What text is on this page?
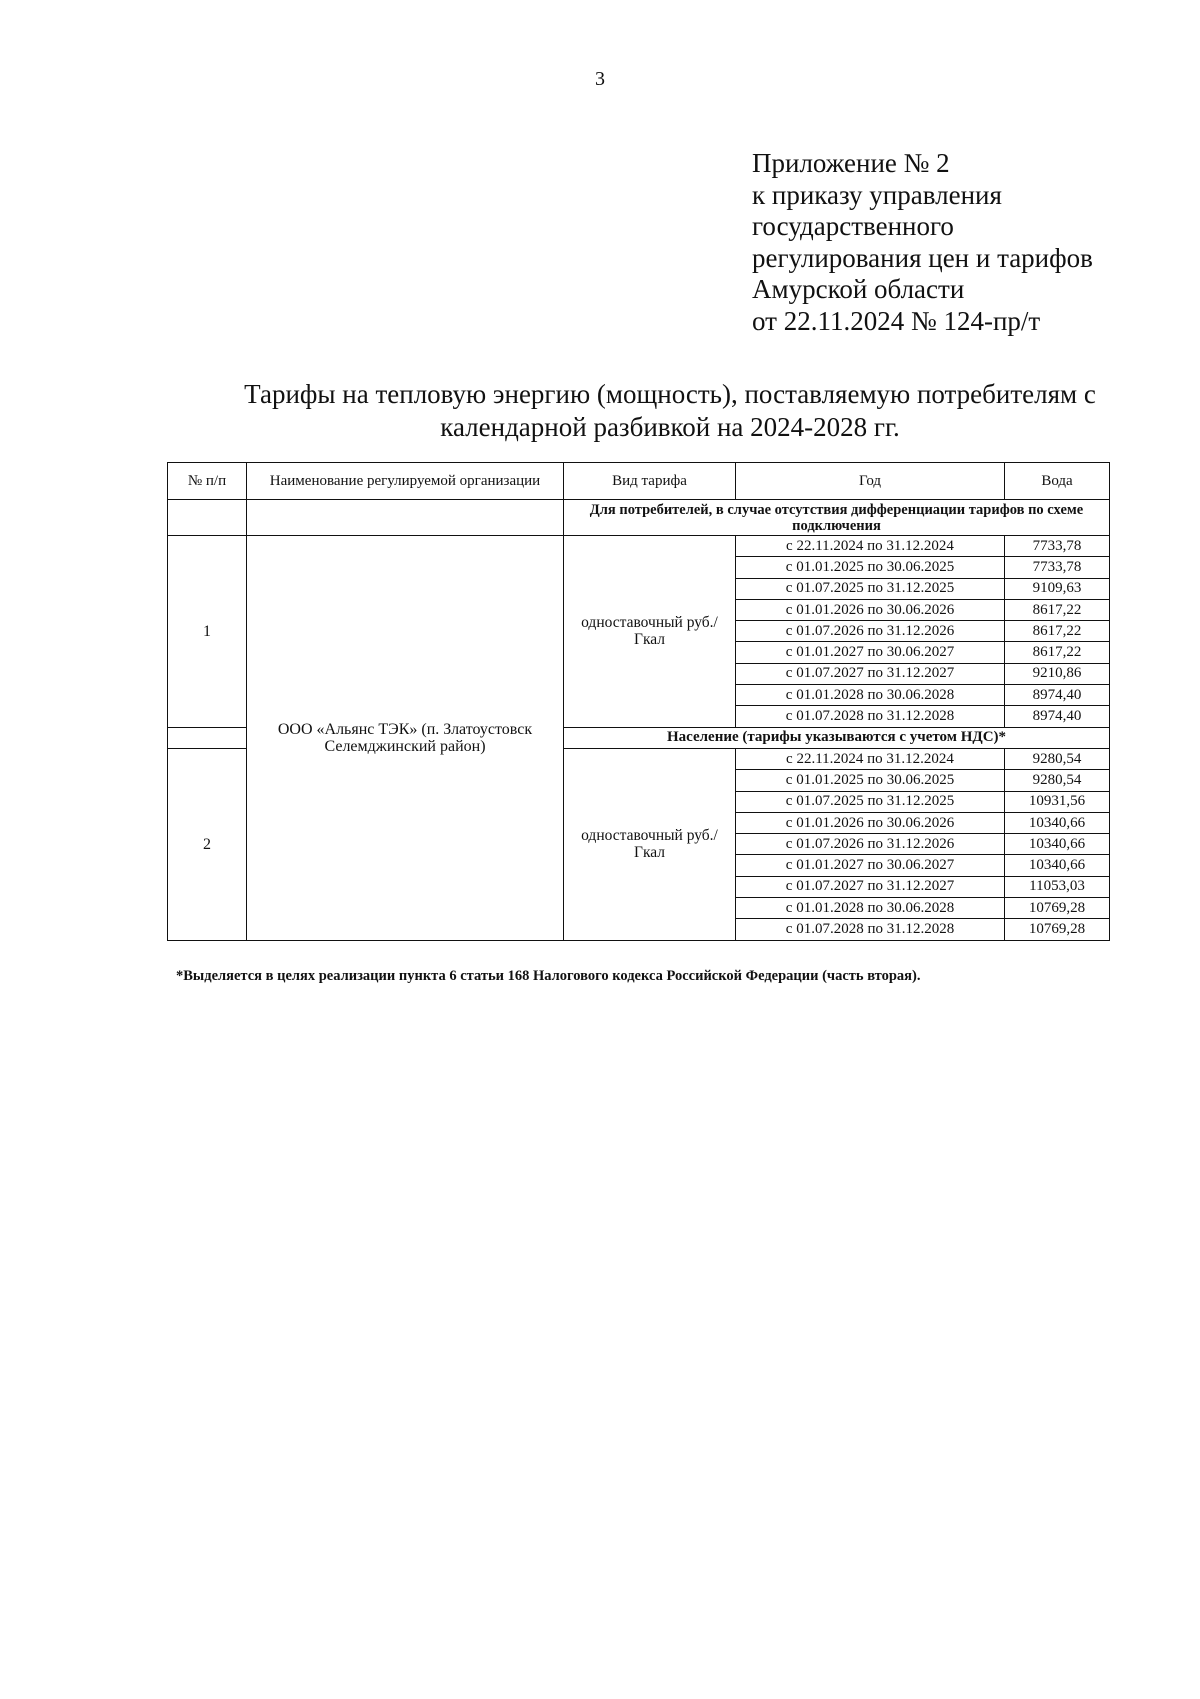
3
Приложение № 2
к приказу управления
государственного
регулирования цен и тарифов
Амурской области
от 22.11.2024 № 124-пр/т
Тарифы на тепловую энергию (мощность), поставляемую потребителям с
календарной разбивкой на 2024-2028 гг.
№ п/п	Наименование регулируемой организации	Вид тарифа	Год	Вода
		Для потребителей, в случае отсутствия дифференциации тарифов по схеме подключения		
1	ООО «Альянс ТЭК» (п. Златоустовск Селемджинский район)	одноставочный руб./Гкал	с 22.11.2024 по 31.12.2024	7733,78
			с 01.01.2025 по 30.06.2025	7733,78
			с 01.07.2025 по 31.12.2025	9109,63
			с 01.01.2026 по 30.06.2026	8617,22
			с 01.07.2026 по 31.12.2026	8617,22
			с 01.01.2027 по 30.06.2027	8617,22
			с 01.07.2027 по 31.12.2027	9210,86
			с 01.01.2028 по 30.06.2028	8974,40
			с 01.07.2028 по 31.12.2028	8974,40
		Население (тарифы указываются с учетом НДС)*		
2		одноставочный руб./Гкал	с 22.11.2024 по 31.12.2024	9280,54
			с 01.01.2025 по 30.06.2025	9280,54
			с 01.07.2025 по 31.12.2025	10931,56
			с 01.01.2026 по 30.06.2026	10340,66
			с 01.07.2026 по 31.12.2026	10340,66
			с 01.01.2027 по 30.06.2027	10340,66
			с 01.07.2027 по 31.12.2027	11053,03
			с 01.01.2028 по 30.06.2028	10769,28
			с 01.07.2028 по 31.12.2028	10769,28
*Выделяется в целях реализации пункта 6 статьи 168 Налогового кодекса Российской Федерации (часть вторая).
